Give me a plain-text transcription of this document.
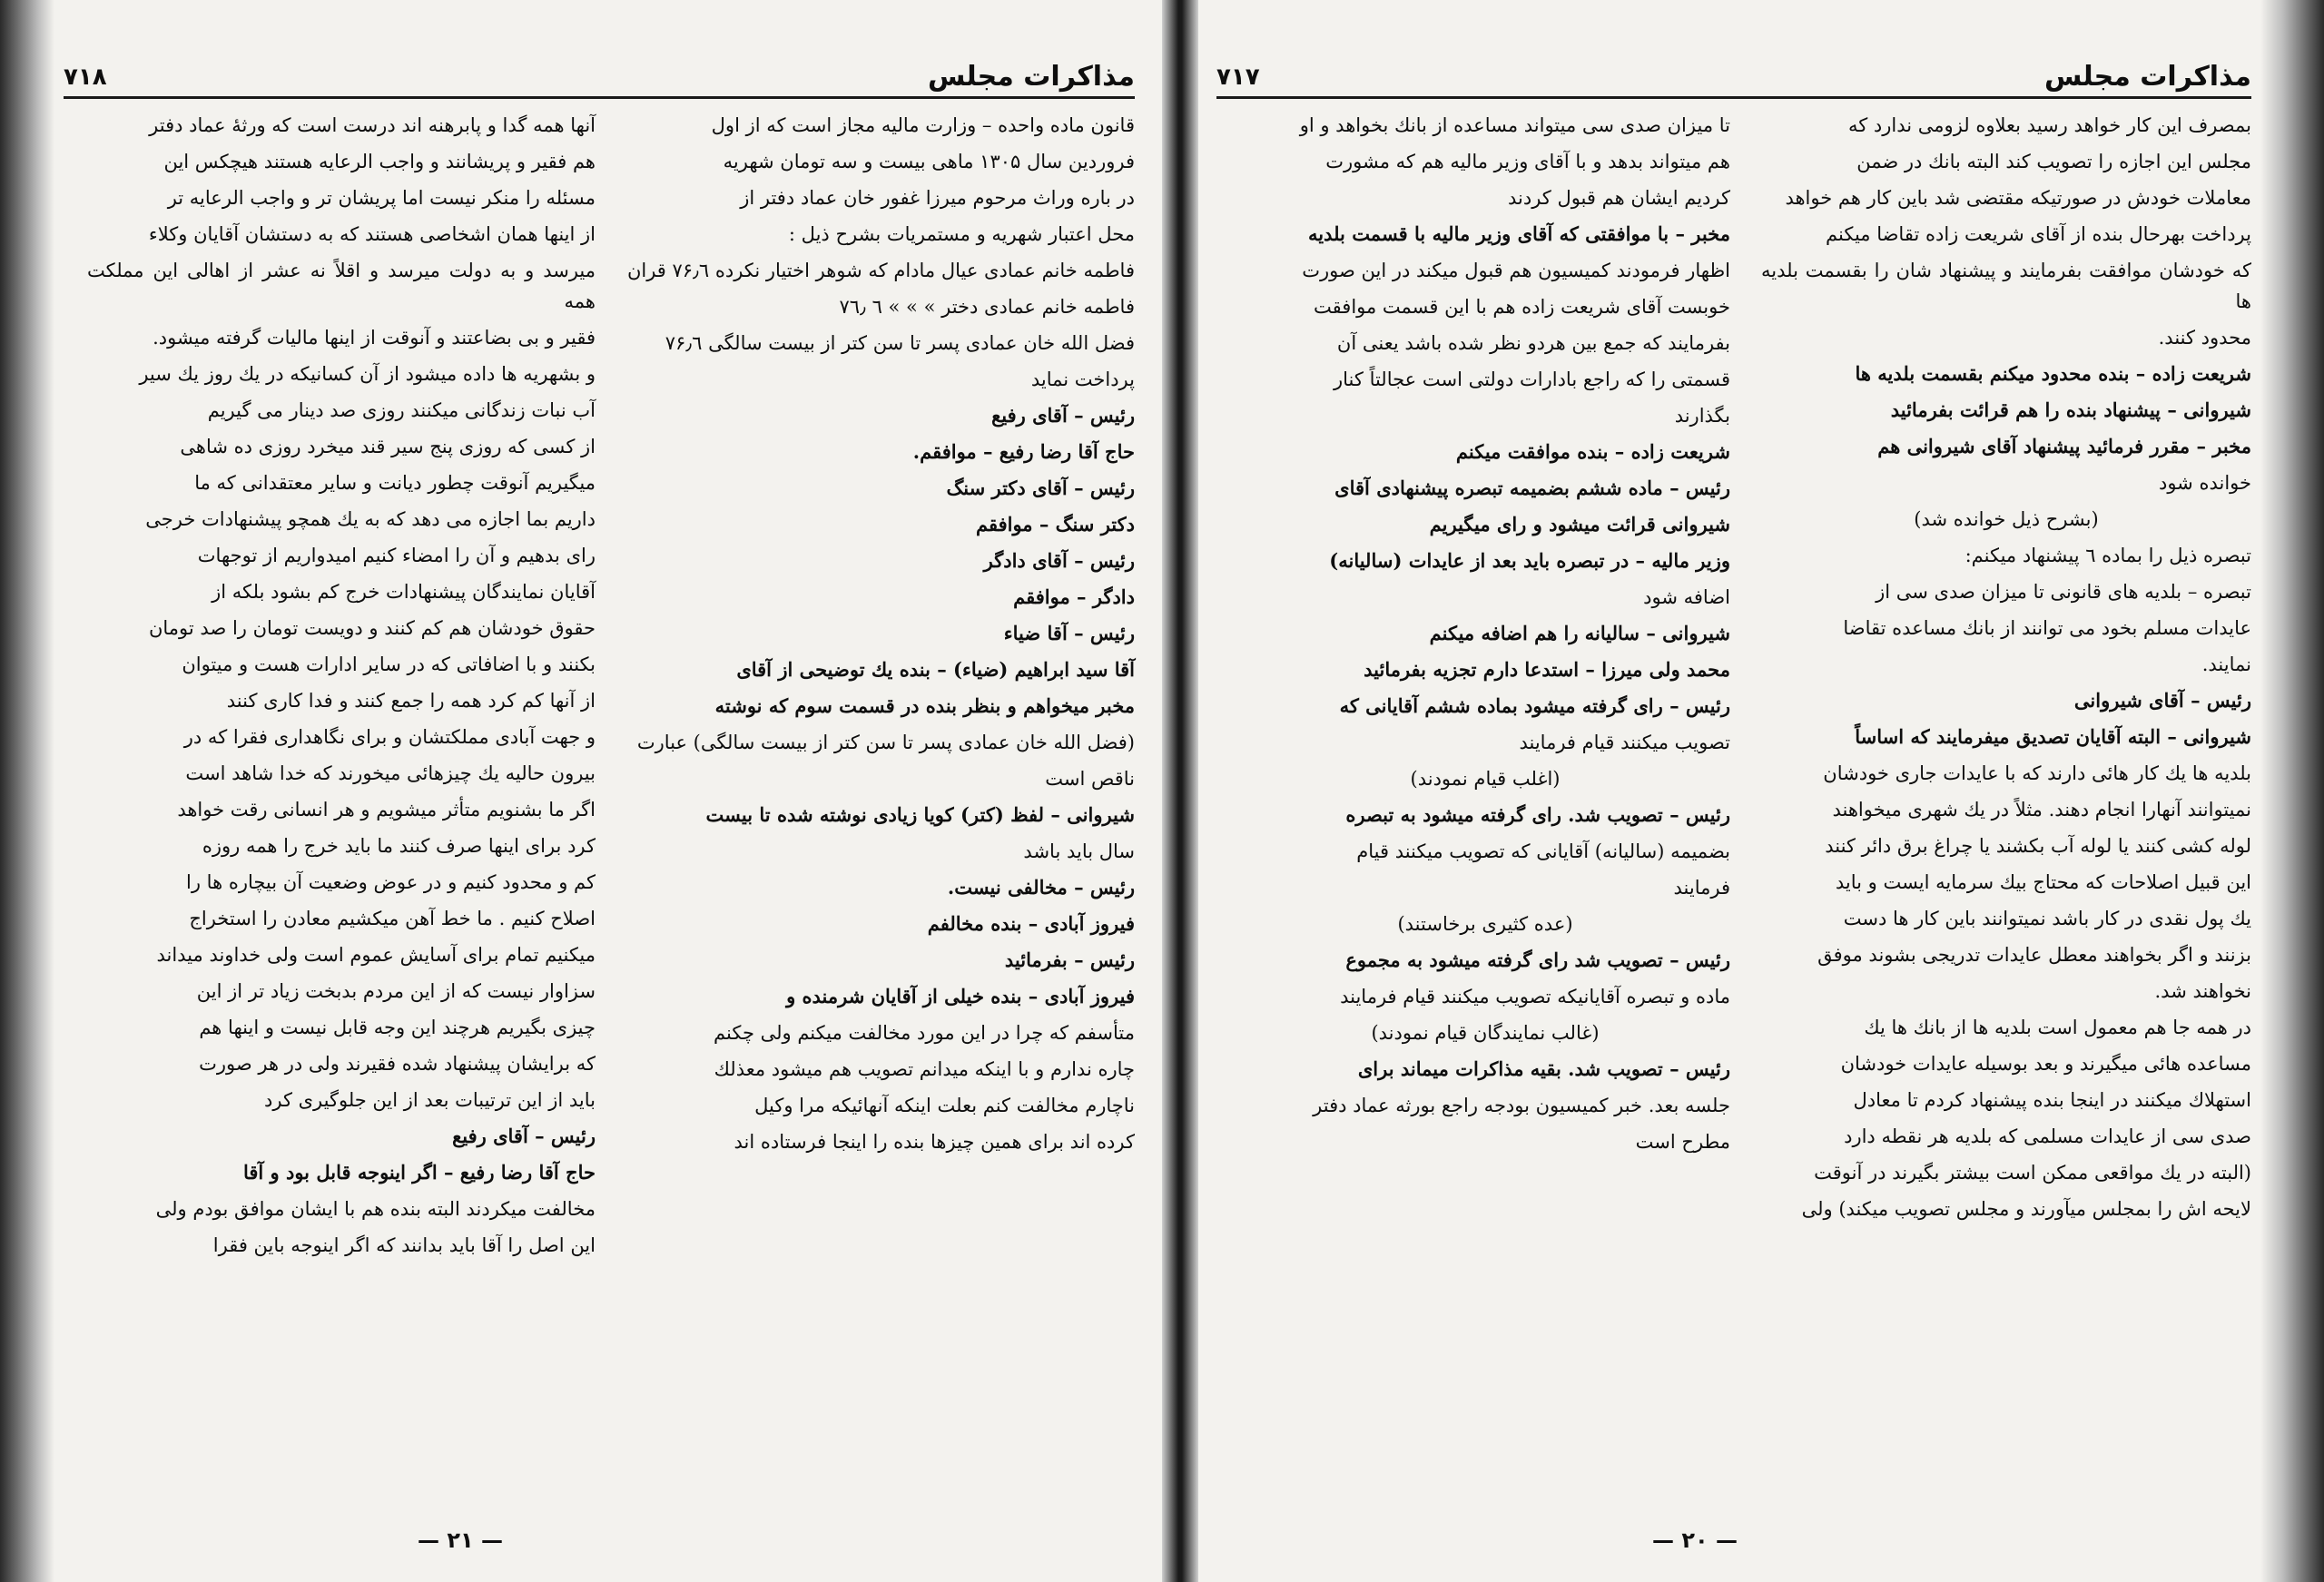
مذاکرات مجلس
۷۱۸

قانون ماده واحده – وزارت مالیه مجاز است که از اول

فروردین سال ۱۳۰۵ ماهی بیست و سه تومان شهریه

در باره وراث مرحوم میرزا غفور خان عماد دفتر از

محل اعتبار شهریه و مستمریات بشرح ذیل :

فاطمه خانم عمادی عیال مادام که شوهر اختیار نکرده ۷۶٫٦ قران

فاطمه خانم عمادی دختر » » » ٦ ٧٦٫

فضل الله خان عمادی پسر تا سن کتر از بیست سالگی ۷۶٫٦

پرداخت نماید

رئیس – آقای رفیع

حاج آقا رضا رفیع – موافقم.

رئیس – آقای دکتر سنگ

دکتر سنگ – موافقم

رئیس – آقای دادگر

دادگر – موافقم

رئیس – آقا ضیاء

آقا سید ابراهیم (ضیاء) – بنده یك توضیحی از آقای

مخبر میخواهم و بنظر بنده در قسمت سوم که نوشته

(فضل الله خان عمادی پسر تا سن کتر از بیست سالگی) عبارت

ناقص است

شیروانی – لفظ (کتر) کویا زیادی نوشته شده تا بیست

سال باید باشد

رئیس – مخالفی نیست.

فیروز آبادی – بنده مخالفم

رئیس – بفرمائید

فیروز آبادی – بنده خیلی از آقایان شرمنده و

متأسفم که چرا در این مورد مخالفت میکنم ولی چکنم

چاره ندارم و با اینکه میدانم تصویب هم میشود معذلك

ناچارم مخالفت کنم بعلت اینکه آنهائیکه مرا وکیل

کرده اند برای همین چیزها بنده را اینجا فرستاده اند

آنها همه گدا و پابرهنه اند درست است که ورثهٔ عماد دفتر

هم فقیر و پریشانند و واجب الرعایه هستند هیچکس این

مسئله را منکر نیست اما پریشان تر و واجب الرعایه تر

از اینها همان اشخاصی هستند که به دستشان آقایان وکلاء

میرسد و به دولت میرسد و اقلاً نه عشر از اهالی این مملکت همه

فقیر و بی بضاعتند و آنوقت از اینها مالیات گرفته میشود.

و بشهریه ها داده میشود از آن کسانیکه در یك روز یك سیر

آب نبات زندگانی میکنند روزی صد دینار می گیریم

از کسی که روزی پنج سیر قند میخرد روزی ده شاهی

میگیریم آنوقت چطور دیانت و سایر معتقدانی که ما

داریم بما اجازه می دهد که به یك همچو پیشنهادات خرجی

رای بدهیم و آن را امضاء کنیم امیدواریم از توجهات

آقایان نمایندگان پیشنهادات خرج کم بشود بلکه از

حقوق خودشان هم کم کنند و دویست تومان را صد تومان

بکنند و با اضافاتی که در سایر ادارات هست و میتوان

از آنها کم کرد همه را جمع کنند و فدا کاری کنند

و جهت آبادی مملکتشان و برای نگاهداری فقرا که در

بیرون حالیه یك چیزهائی میخورند که خدا شاهد است

اگر ما بشنویم متأثر میشویم و هر انسانی رقت خواهد

کرد برای اینها صرف کنند ما باید خرج را همه روزه

کم و محدود کنیم و در عوض وضعیت آن بیچاره ها را

اصلاح کنیم . ما خط آهن میکشیم معادن را استخراج

میکنیم تمام برای آسایش عموم است ولی خداوند میداند

سزاوار نیست که از این مردم بدبخت زیاد تر از این

چیزی بگیریم هرچند این وجه قابل نیست و اینها هم

که برایشان پیشنهاد شده فقیرند ولی در هر صورت

باید از این ترتیبات بعد از این جلوگیری کرد

رئیس – آقای رفیع

حاج آقا رضا رفیع – اگر اینوجه قابل بود و آقا

مخالفت میکردند البته بنده هم با ایشان موافق بودم ولی

این اصل را آقا باید بدانند که اگر اینوجه باین فقرا

— ۲۱ —
مذاکرات مجلس
۷۱۷

بمصرف این کار خواهد رسید بعلاوه لزومی ندارد که

مجلس این اجازه را تصویب کند البته بانك در ضمن

معاملات خودش در صورتیکه مقتضی شد باین کار هم خواهد

پرداخت بهرحال بنده از آقای شریعت زاده تقاضا میکنم

که خودشان موافقت بفرمایند و پیشنهاد شان را بقسمت بلدیه ها

محدود کنند.

شریعت زاده – بنده محدود میکنم بقسمت بلدیه ها

شیروانی – پیشنهاد بنده را هم قرائت بفرمائید

مخبر – مقرر فرمائید پیشنهاد آقای شیروانی هم

خوانده شود

(بشرح ذیل خوانده شد)

تبصره ذیل را بماده ٦ پیشنهاد میکنم:

تبصره – بلدیه های قانونی تا میزان صدی سی از

عایدات مسلم بخود می توانند از بانك مساعده تقاضا

نمایند.

رئیس – آقای شیروانی

شیروانی – البته آقایان تصدیق میفرمایند که اساساً

بلدیه ها یك کار هائی دارند که با عایدات جاری خودشان

نمیتوانند آنهارا انجام دهند. مثلاً در یك شهری میخواهند

لوله کشی کنند یا لوله آب بکشند یا چراغ برق دائر کنند

این قبیل اصلاحات که محتاج بیك سرمایه ایست و باید

یك پول نقدی در کار باشد نمیتوانند باین کار ها دست

بزنند و اگر بخواهند معطل عایدات تدریجی بشوند موفق

نخواهند شد.

در همه جا هم معمول است بلدیه ها از بانك ها یك

مساعده هائی میگیرند و بعد بوسیله عایدات خودشان

استهلاك میکنند در اینجا بنده پیشنهاد کردم تا معادل

صدی سی از عایدات مسلمی که بلدیه هر نقطه دارد

(البته در یك مواقعی ممکن است بیشتر بگیرند در آنوقت

لایحه اش را بمجلس میآورند و مجلس تصویب میکند) ولی

تا میزان صدی سی میتواند مساعده از بانك بخواهد و او

هم میتواند بدهد و با آقای وزیر مالیه هم که مشورت

کردیم ایشان هم قبول کردند

مخبر – با موافقتی که آقای وزیر مالیه با قسمت بلدیه

اظهار فرمودند کمیسیون هم قبول میکند در این صورت

خوبست آقای شریعت زاده هم با این قسمت موافقت

بفرمایند که جمع بین هردو نظر شده باشد یعنی آن

قسمتی را که راجع بادارات دولتی است عجالتاً کنار

بگذارند

شریعت زاده – بنده موافقت میکنم

رئیس – ماده ششم بضمیمه تبصره پیشنهادی آقای

شیروانی قرائت میشود و رای میگیریم

وزیر مالیه – در تبصره باید بعد از عایدات (سالیانه)

اضافه شود

شیروانی – سالیانه را هم اضافه میکنم

محمد ولی میرزا – استدعا دارم تجزیه بفرمائید

رئیس – رای گرفته میشود بماده ششم آقایانی که

تصویب میکنند قیام فرمایند

(اغلب قیام نمودند)

رئیس – تصویب شد. رای گرفته میشود به تبصره

بضمیمه (سالیانه) آقایانی که تصویب میکنند قیام

فرمایند

(عده کثیری برخاستند)

رئیس – تصویب شد رای گرفته میشود به مجموع

ماده و تبصره آقایانیکه تصویب میکنند قیام فرمایند

(غالب نمایندگان قیام نمودند)

رئیس – تصویب شد. بقیه مذاکرات میماند برای

جلسه بعد. خبر کمیسیون بودجه راجع بورثه عماد دفتر

مطرح است

— ۲۰ —
